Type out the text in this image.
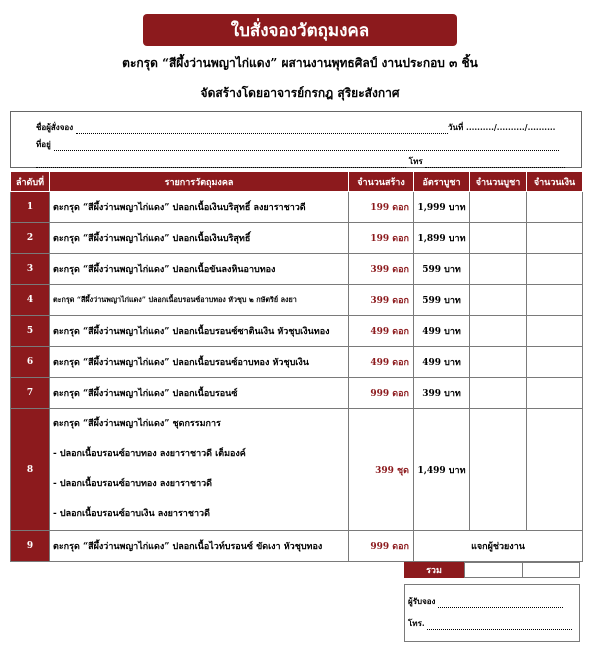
ใบสั่งจองวัตถุมงคล
ตะกรุด “สีผึ้งว่านพญาไก่แดง” ผสานงานพุทธศิลป์ งานประกอบ ๓ ชิ้น
จัดสร้างโดยอาจารย์กรกฎ สุริยะสังกาศ
ชื่อผู้สั่งจอง	วันที่ ........../........../..........
ที่อยู่
โทร
ลำดับที่	รายการวัตถุมงคล	จำนวนสร้าง	อัตราบูชา	จำนวนบูชา	จำนวนเงิน
1	ตะกรุด “สีผึ้งว่านพญาไก่แดง” ปลอกเนื้อเงินบริสุทธิ์ ลงยาราชาวดี	199 ดอก	1,999 บาท		
2	ตะกรุด “สีผึ้งว่านพญาไก่แดง” ปลอกเนื้อเงินบริสุทธิ์	199 ดอก	1,899 บาท		
3	ตะกรุด “สีผึ้งว่านพญาไก่แดง” ปลอกเนื้อขันลงหินอาบทอง	399 ดอก	599 บาท		
4	ตะกรุด “สีผึ้งว่านพญาไก่แดง” ปลอกเนื้อบรอนซ์อาบทอง หัวชุบ ๒ กษัตริย์ ลงยา	399 ดอก	599 บาท		
5	ตะกรุด “สีผึ้งว่านพญาไก่แดง” ปลอกเนื้อบรอนซ์ซาตินเงิน หัวชุบเงินทอง	499 ดอก	499 บาท		
6	ตะกรุด “สีผึ้งว่านพญาไก่แดง” ปลอกเนื้อบรอนซ์อาบทอง หัวชุบเงิน	499 ดอก	499 บาท		
7	ตะกรุด “สีผึ้งว่านพญาไก่แดง” ปลอกเนื้อบรอนซ์	999 ดอก	399 บาท		
8	ตะกรุด “สีผึ้งว่านพญาไก่แดง” ชุดกรรมการ
- ปลอกเนื้อบรอนซ์อาบทอง ลงยาราชาวดี เต็มองค์
- ปลอกเนื้อบรอนซ์อาบทอง ลงยาราชาวดี
- ปลอกเนื้อบรอนซ์อาบเงิน ลงยาราชาวดี	399 ชุด	1,499 บาท		
9	ตะกรุด “สีผึ้งว่านพญาไก่แดง” ปลอกเนื้อไวท์บรอนซ์ ขัดเงา หัวชุบทอง	999 ดอก	แจกผู้ช่วยงาน		
รวม
ผู้รับจอง
โทร.
